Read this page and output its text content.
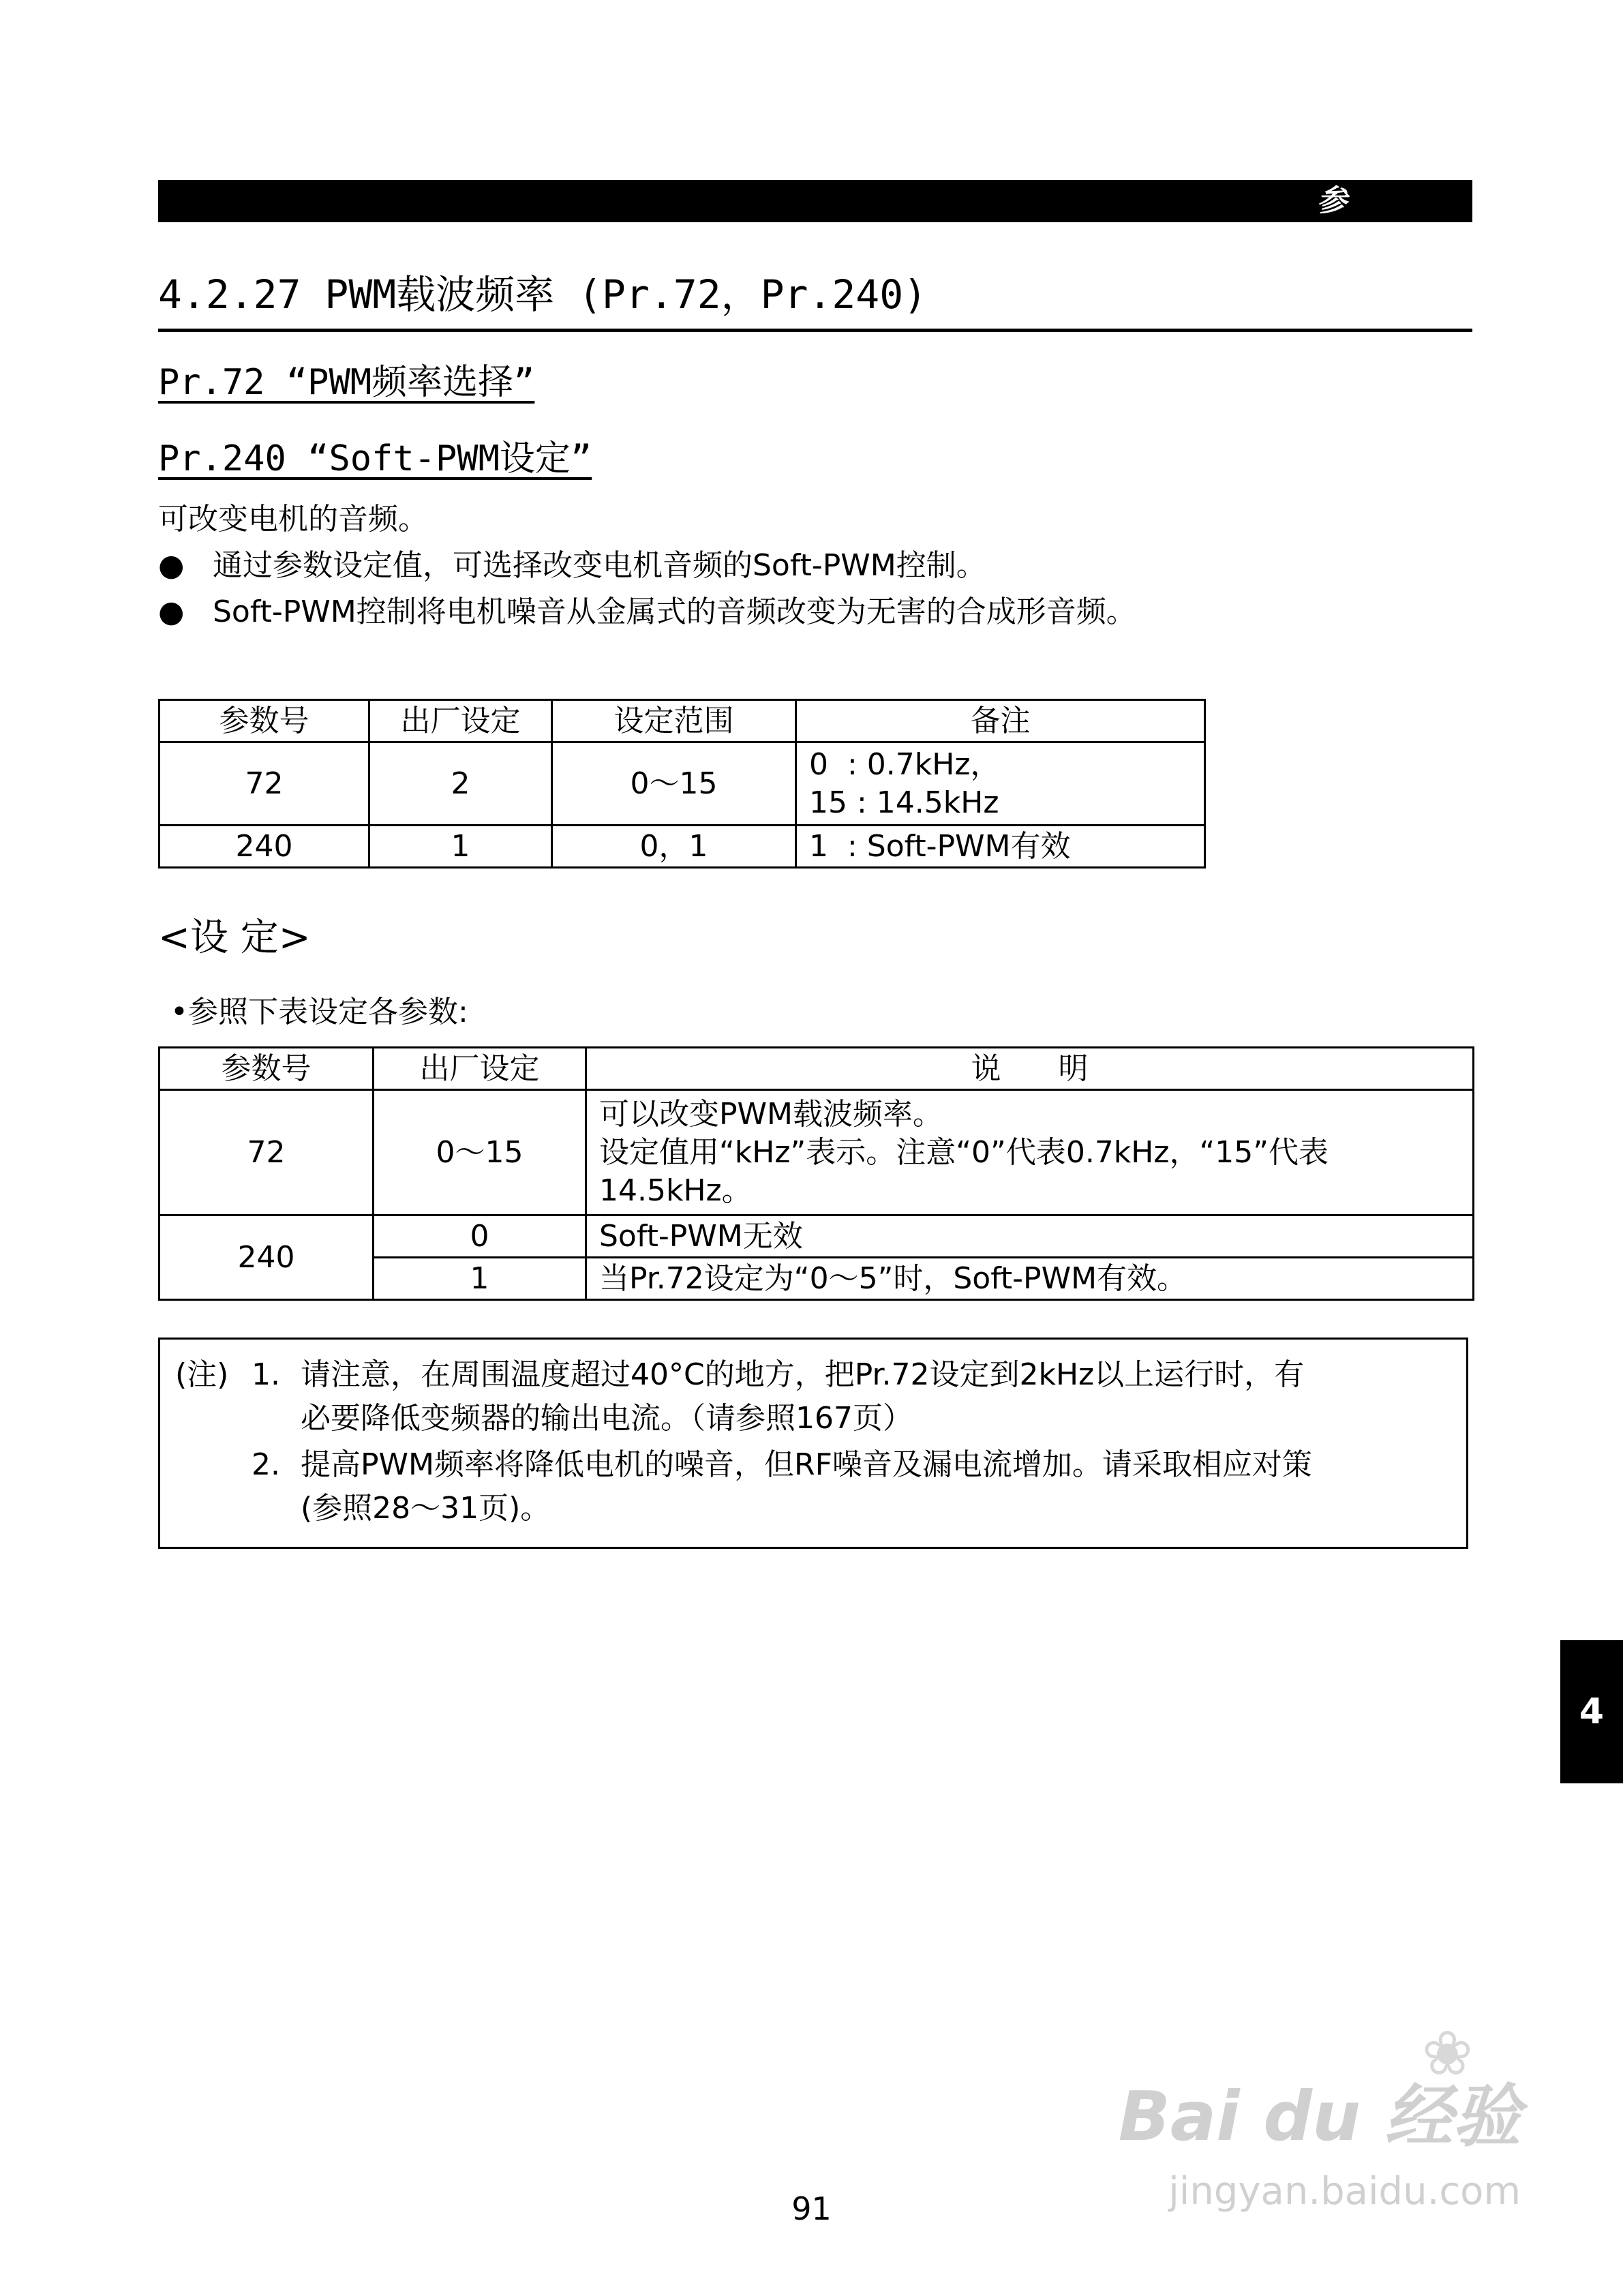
参	数
4.2.27 PWM载波频率 (Pr.72，Pr.240)
Pr.72 “PWM频率选择”
Pr.240 “Soft-PWM设定”
可改变电机的音频。
● 通过参数设定值，可选择改变电机音频的Soft-PWM控制。
● Soft-PWM控制将电机噪音从金属式的音频改变为无害的合成形音频。
参数号	出厂设定	设定范围	备注
72	2	0～15	0  : 0.7kHz，
15 : 14.5kHz

240	1	0，1	1  : Soft-PWM有效
<设 定>
•参照下表设定各参数:
参数号	出厂设定	说      明
72	0～15	可以改变PWM载波频率。
设定值用“kHz”表示。注意“0”代表0.7kHz，“15”代表
14.5kHz。

240	0	Soft-PWM无效
	1	当Pr.72设定为“0～5”时，Soft-PWM有效。
(注) 1. 请注意，在周围温度超过40°C的地方，把Pr.72设定到2kHz以上运行时，有
必要降低变频器的输出电流。（请参照167页）
2. 提高PWM频率将降低电机的噪音，但RF噪音及漏电流增加。请采取相应对策
(参照28～31页)。
4
❀
Bai du 经验
jingyan.baidu.com
91
